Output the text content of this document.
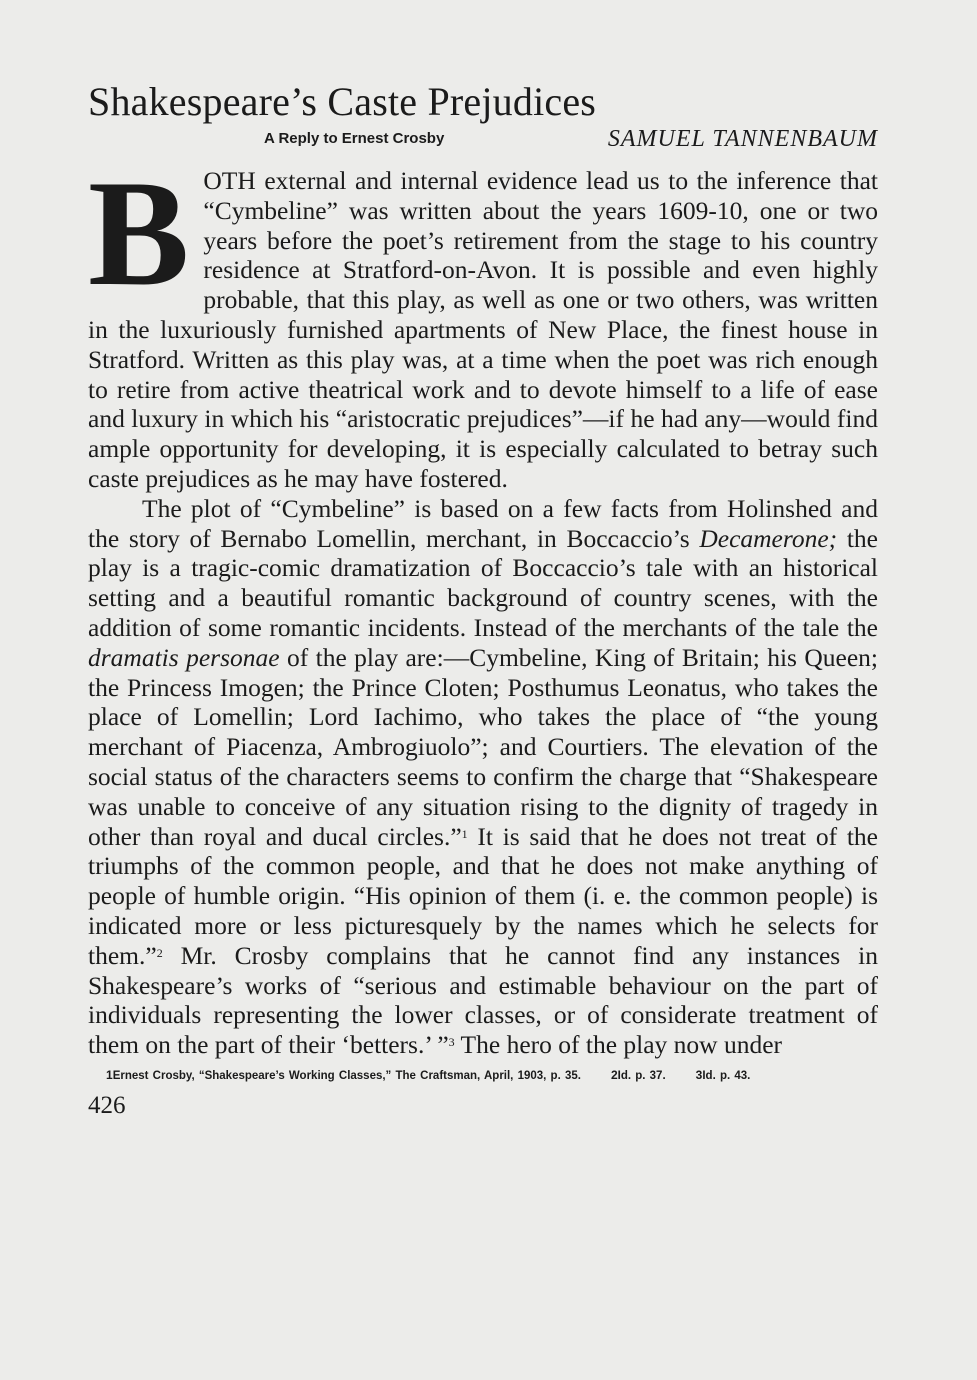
Shakespeare’s Caste Prejudices
A Reply to Ernest Crosby	SAMUEL TANNENBAUM

BOTH external and internal evidence lead us to the inference that “Cymbeline” was written about the years 1609-10, one or two years before the poet’s retirement from the stage to his country residence at Stratford-on-Avon. It is possible and even highly probable, that this play, as well as one or two others, was written in the luxuriously furnished apartments of New Place, the finest house in Stratford. Written as this play was, at a time when the poet was rich enough to retire from active theatrical work and to devote himself to a life of ease and luxury in which his “aristocratic prejudices”—if he had any—would find ample opportunity for developing, it is especially calculated to betray such caste prejudices as he may have fostered.

The plot of “Cymbeline” is based on a few facts from Holinshed and the story of Bernabo Lomellin, merchant, in Boccaccio’s Decamerone; the play is a tragic-comic dramatization of Boccaccio’s tale with an historical setting and a beautiful romantic background of country scenes, with the addition of some romantic incidents. Instead of the merchants of the tale the dramatis personae of the play are:—Cymbeline, King of Britain; his Queen; the Princess Imogen; the Prince Cloten; Posthumus Leonatus, who takes the place of Lomellin; Lord Iachimo, who takes the place of “the young merchant of Piacenza, Ambrogiuolo”; and Courtiers. The elevation of the social status of the characters seems to confirm the charge that “Shakespeare was unable to conceive of any situation rising to the dignity of tragedy in other than royal and ducal circles.”$^1$ It is said that he does not treat of the triumphs of the common people, and that he does not make anything of people of humble origin. “His opinion of them (i. e. the common people) is indicated more or less picturesquely by the names which he selects for them.”$^2$ Mr. Crosby complains that he cannot find any instances in Shakespeare’s works of “serious and estimable behaviour on the part of individuals representing the lower classes, or of considerate treatment of them on the part of their ‘betters.’ ”$^3$ The hero of the play now under

$^1$Ernest Crosby, “Shakespeare’s Working Classes,” The Craftsman, April, 1903, p. 35.	$^2$Id. p. 37.	$^3$Id. p. 43.
426
